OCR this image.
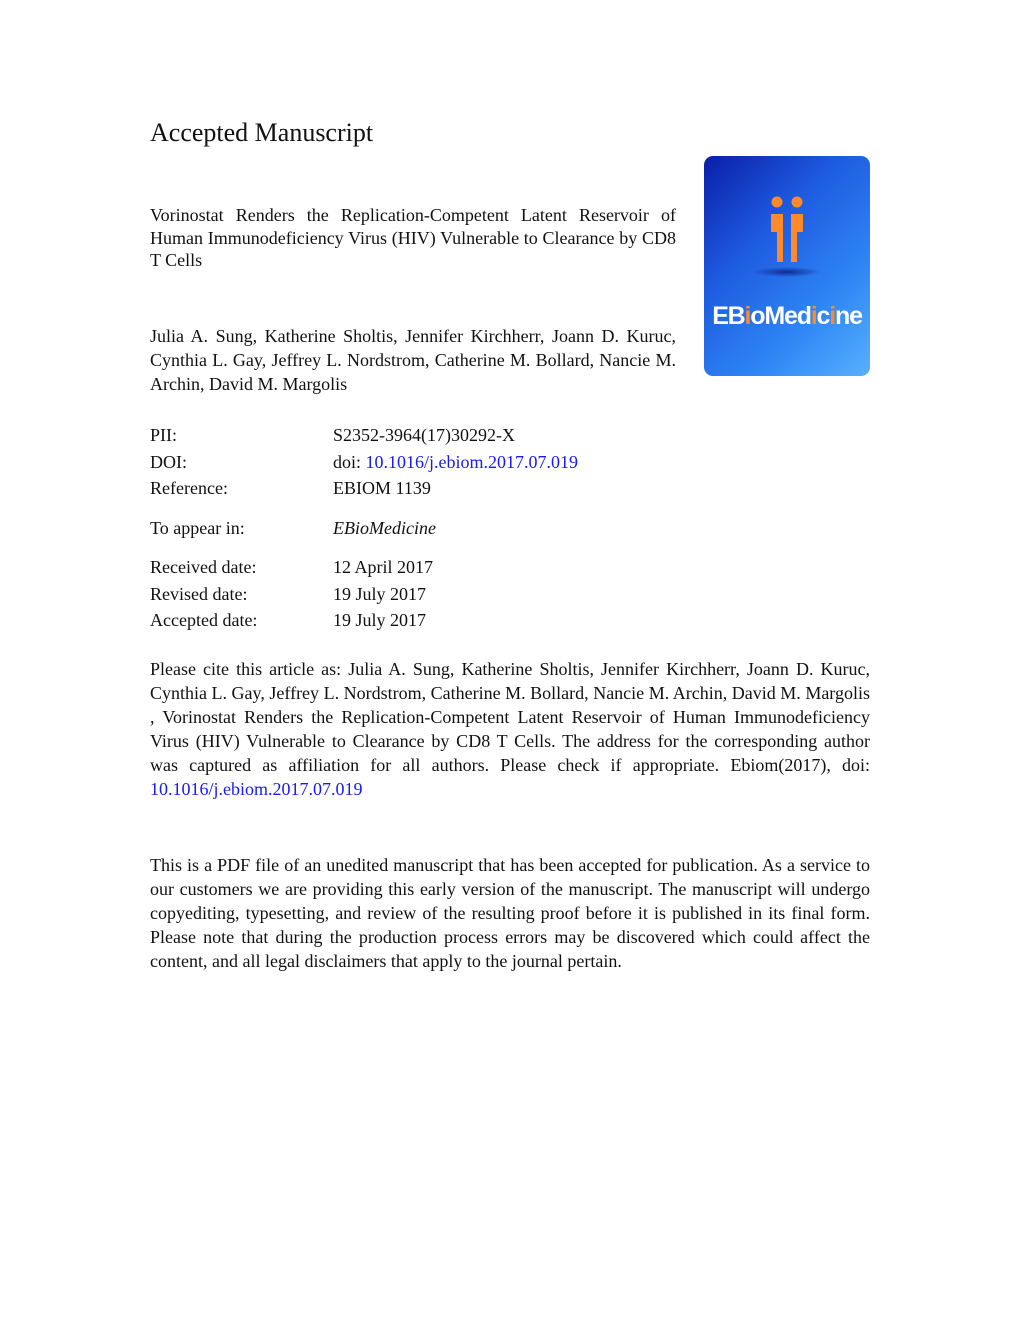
Accepted Manuscript
Vorinostat Renders the Replication-Competent Latent Reservoir of Human Immunodeficiency Virus (HIV) Vulnerable to Clearance by CD8 T Cells
Julia A. Sung, Katherine Sholtis, Jennifer Kirchherr, Joann D. Kuruc, Cynthia L. Gay, Jeffrey L. Nordstrom, Catherine M. Bollard, Nancie M. Archin, David M. Margolis
EBioMedicine
PII:	S2352-3964(17)30292-X
DOI:	doi: 10.1016/j.ebiom.2017.07.019
Reference:	EBIOM 1139
To appear in:	EBioMedicine
Received date:	12 April 2017
Revised date:	19 July 2017
Accepted date:	19 July 2017
Please cite this article as: Julia A. Sung, Katherine Sholtis, Jennifer Kirchherr, Joann D. Kuruc, Cynthia L. Gay, Jeffrey L. Nordstrom, Catherine M. Bollard, Nancie M. Archin, David M. Margolis , Vorinostat Renders the Replication-Competent Latent Reservoir of Human Immunodeficiency Virus (HIV) Vulnerable to Clearance by CD8 T Cells. The address for the corresponding author was captured as affiliation for all authors. Please check if appropriate. Ebiom(2017), doi: 10.1016/j.ebiom.2017.07.019
This is a PDF file of an unedited manuscript that has been accepted for publication. As a service to our customers we are providing this early version of the manuscript. The manuscript will undergo copyediting, typesetting, and review of the resulting proof before it is published in its final form. Please note that during the production process errors may be discovered which could affect the content, and all legal disclaimers that apply to the journal pertain.
